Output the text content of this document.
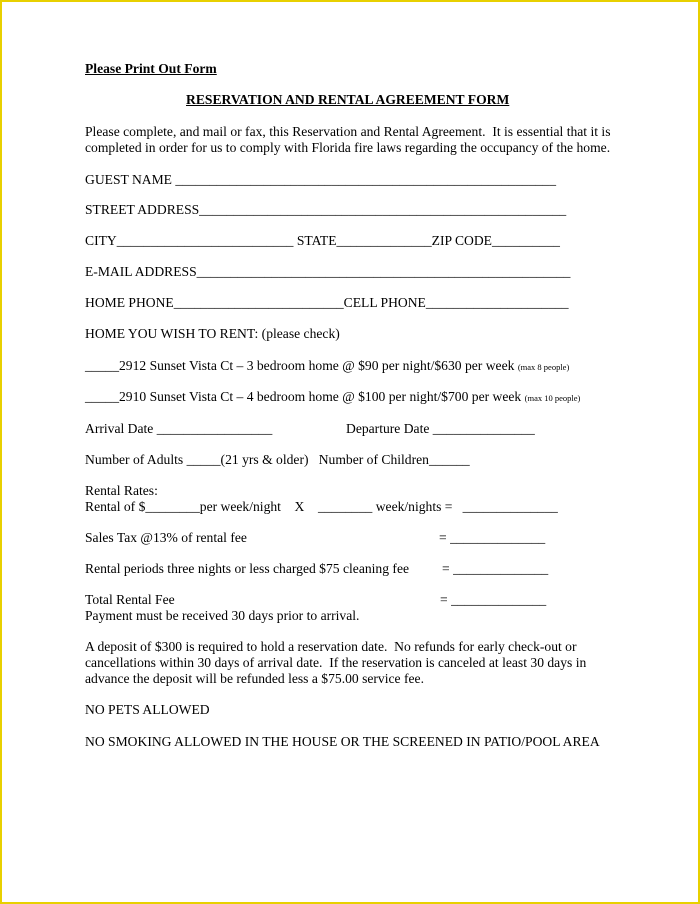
Please Print Out Form
RESERVATION AND RENTAL AGREEMENT FORM
Please complete, and mail or fax, this Reservation and Rental Agreement.  It is essential that it is
completed in order for us to comply with Florida fire laws regarding the occupancy of the home.
GUEST NAME ________________________________________________________
STREET ADDRESS______________________________________________________
CITY__________________________ STATE______________ZIP CODE__________
E-MAIL ADDRESS_______________________________________________________
HOME PHONE_________________________CELL PHONE_____________________
HOME YOU WISH TO RENT: (please check)
_____2912 Sunset Vista Ct – 3 bedroom home @ $90 per night/$630 per week (max 8 people)
_____2910 Sunset Vista Ct – 4 bedroom home @ $100 per night/$700 per week (max 10 people)
Arrival Date _________________	Departure Date _______________
Number of Adults _____(21 yrs & older)   Number of Children______
Rental Rates:
Rental of $________per week/night    X    ________ week/nights =   ______________
Sales Tax @13% of rental fee	= ______________
Rental periods three nights or less charged $75 cleaning fee = ______________
Total Rental Fee	= ______________
Payment must be received 30 days prior to arrival.
A deposit of $300 is required to hold a reservation date.  No refunds for early check-out or
cancellations within 30 days of arrival date.  If the reservation is canceled at least 30 days in
advance the deposit will be refunded less a $75.00 service fee.
NO PETS ALLOWED
NO SMOKING ALLOWED IN THE HOUSE OR THE SCREENED IN PATIO/POOL AREA
